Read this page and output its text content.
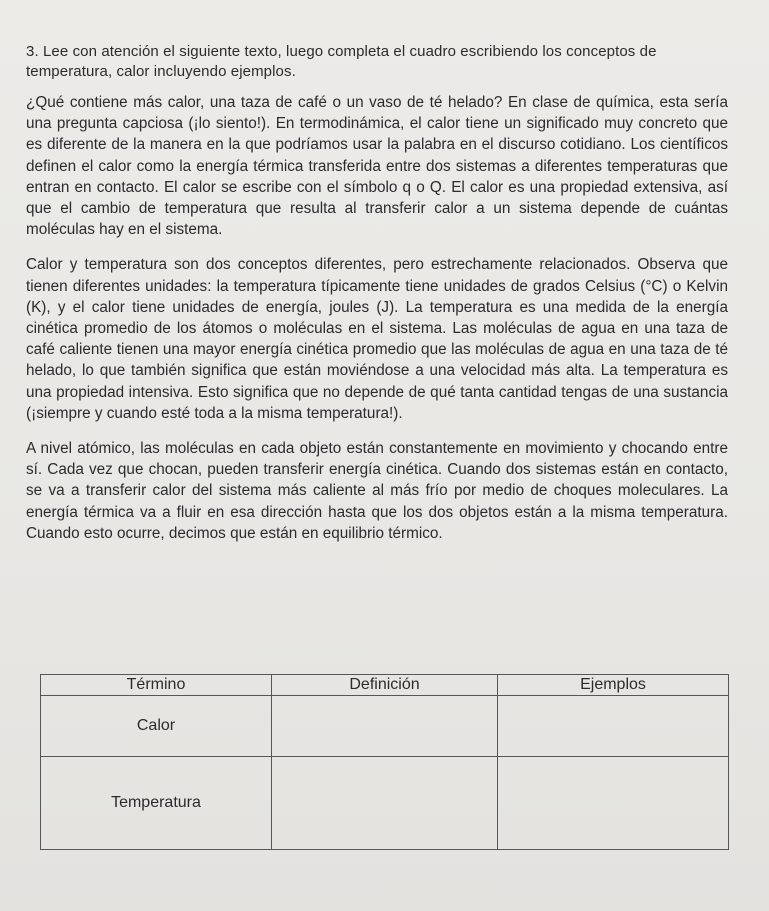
3. Lee con atención el siguiente texto, luego completa el cuadro escribiendo los conceptos de temperatura, calor incluyendo ejemplos.

¿Qué contiene más calor, una taza de café o un vaso de té helado? En clase de química, esta sería una pregunta capciosa (¡lo siento!). En termodinámica, el calor tiene un significado muy concreto que es diferente de la manera en la que podríamos usar la palabra en el discurso cotidiano. Los científicos definen el calor como la energía térmica transferida entre dos sistemas a diferentes temperaturas que entran en contacto. El calor se escribe con el símbolo q o Q. El calor es una propiedad extensiva, así que el cambio de temperatura que resulta al transferir calor a un sistema depende de cuántas moléculas hay en el sistema.

Calor y temperatura son dos conceptos diferentes, pero estrechamente relacionados. Observa que tienen diferentes unidades: la temperatura típicamente tiene unidades de grados Celsius (°C) o Kelvin (K), y el calor tiene unidades de energía, joules (J). La temperatura es una medida de la energía cinética promedio de los átomos o moléculas en el sistema. Las moléculas de agua en una taza de café caliente tienen una mayor energía cinética promedio que las moléculas de agua en una taza de té helado, lo que también significa que están moviéndose a una velocidad más alta. La temperatura es una propiedad intensiva. Esto significa que no depende de qué tanta cantidad tengas de una sustancia (¡siempre y cuando esté toda a la misma temperatura!).

A nivel atómico, las moléculas en cada objeto están constantemente en movimiento y chocando entre sí. Cada vez que chocan, pueden transferir energía cinética. Cuando dos sistemas están en contacto, se va a transferir calor del sistema más caliente al más frío por medio de choques moleculares. La energía térmica va a fluir en esa dirección hasta que los dos objetos están a la misma temperatura. Cuando esto ocurre, decimos que están en equilibrio térmico.

Término	Definición	Ejemplos
Calor		
Temperatura		
